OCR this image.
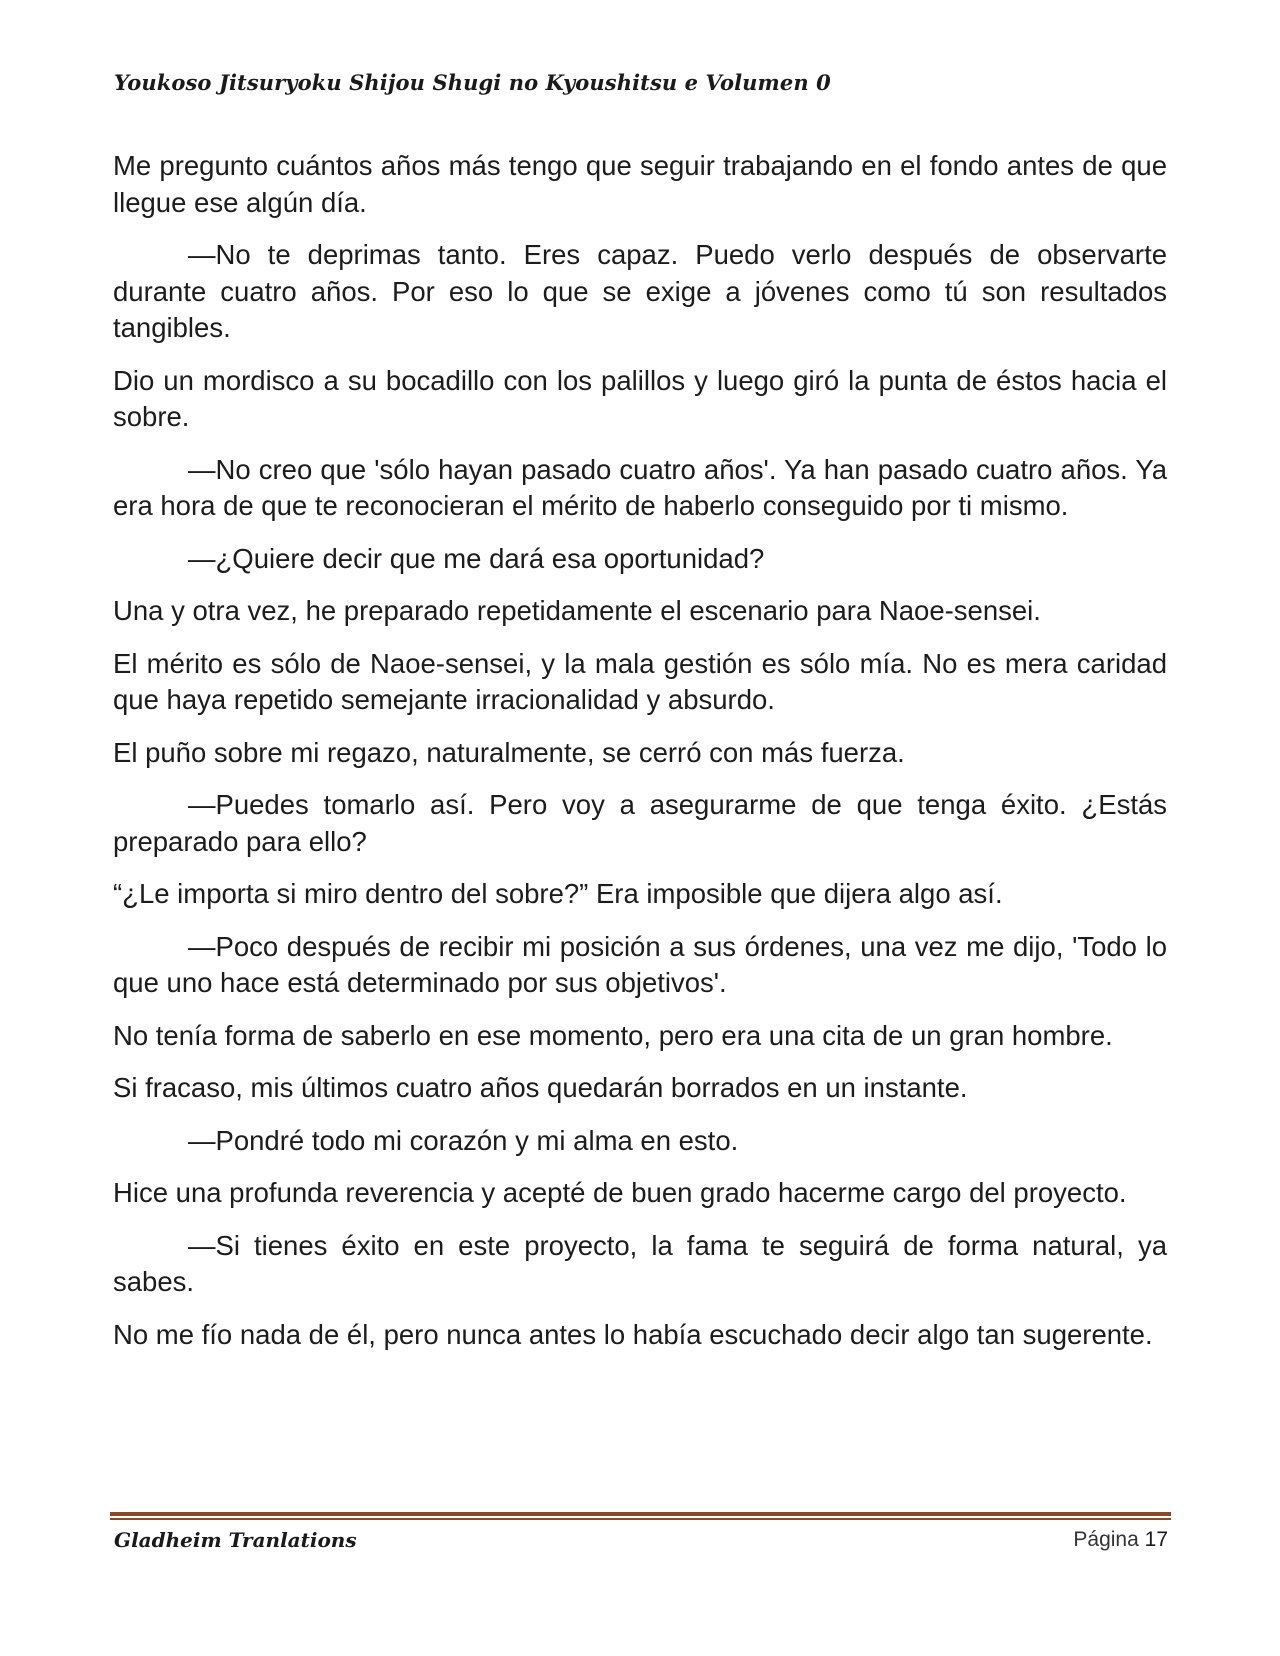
Youkoso Jitsuryoku Shijou Shugi no Kyoushitsu e Volumen 0

Me pregunto cuántos años más tengo que seguir trabajando en el fondo antes de que llegue ese algún día.

—No te deprimas tanto. Eres capaz. Puedo verlo después de observarte durante cuatro años. Por eso lo que se exige a jóvenes como tú son resultados tangibles.

Dio un mordisco a su bocadillo con los palillos y luego giró la punta de éstos hacia el sobre.

—No creo que 'sólo hayan pasado cuatro años'. Ya han pasado cuatro años. Ya era hora de que te reconocieran el mérito de haberlo conseguido por ti mismo.

—¿Quiere decir que me dará esa oportunidad?

Una y otra vez, he preparado repetidamente el escenario para Naoe-sensei.

El mérito es sólo de Naoe-sensei, y la mala gestión es sólo mía. No es mera caridad que haya repetido semejante irracionalidad y absurdo.

El puño sobre mi regazo, naturalmente, se cerró con más fuerza.

—Puedes tomarlo así. Pero voy a asegurarme de que tenga éxito. ¿Estás preparado para ello?

“¿Le importa si miro dentro del sobre?” Era imposible que dijera algo así.

—Poco después de recibir mi posición a sus órdenes, una vez me dijo, 'Todo lo que uno hace está determinado por sus objetivos'.

No tenía forma de saberlo en ese momento, pero era una cita de un gran hombre.

Si fracaso, mis últimos cuatro años quedarán borrados en un instante.

—Pondré todo mi corazón y mi alma en esto.

Hice una profunda reverencia y acepté de buen grado hacerme cargo del proyecto.

—Si tienes éxito en este proyecto, la fama te seguirá de forma natural, ya sabes.

No me fío nada de él, pero nunca antes lo había escuchado decir algo tan sugerente.

Gladheim Tranlations	Página 17
